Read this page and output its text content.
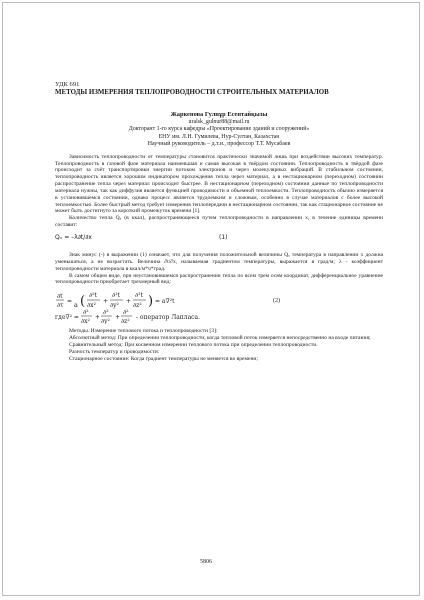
УДК 691

МЕТОДЫ ИЗМЕРЕНИЯ ТЕПЛОПРОВОДНОСТИ СТРОИТЕЛЬНЫХ МАТЕРИАЛОВ

Жаркенова Гулнұр Есентайқызы

uralsk_gulnur88@mail.ru

Докторант 1-го курса кафедры «Проектирование зданий и сооружений»

ЕНУ им. Л.Н. Гумилева, Нур-Султан, Казахстан

Научный руководитель – д.т.н., профессор Т.Т. Мусабаев

Зависимость теплопроводности от температуры становится практически значимой лишь при воздействии высоких температур. Теплопроводность в газовой фазе материала наименьшая и самая высокая в твёрдом состоянии. Теплопроводность в твёрдой фазе происходит за счёт транспортировки энергии потоком электронов и через молекулярных вибраций. В стабильном состоянии, теплопроводность является хорошим индикатором прохождения тепла через материал, а в нестационарном (переходном) состоянии распространение тепла через материал происходит быстрее. В нестационарном (переходном) состоянии данные по теплопроводности материала нужны, так как диффузия является функцией проводимости и объемной теплоемкости. Теплопроводность обычно измеряется в установившемся состоянии, однако процесс является трудоемким и сложным, особенно в случае материалов с более высокой теплоемкостью. Более быстрый метод требует измерения теплопередачи в нестационарном состоянии, так как стационарное состояние не может быть достигнуто за короткий промежуток времени [1].

Количество тепла Qₓ (в ккал), распространяющееся путем теплопроводности в направлении x, в течение единицы времени составит:

Qₓ = –λ∂t/∂x	(1)

Знак минус (-) в выражении (1) означает, что для получения положительной величины Qₓ температура в направлении x должна уменьшаться, а не возрастать. Величина ∂t/∂x, называемая градиентом температуры, выражается в град/м; λ - коэффициент теплопроводности материала в ккал/м*ч*град.

В самом общем виде, при неустановившемся распространении тепла по всем трем осям координат, дифференциальное уравнение теплопроводности приобретает трехмерный вид:

∂t
∂τ
= a ( ∂²t
∂x²
+
∂²t
∂y²
+
∂²t
∂z² ) = a∇²t
где∇² =
∂²
∂x²
+
∂²
∂y²
+
∂²
∂z²
- оператор Лапласа.
(2)

Методы. Измерение теплового потока и теплопроводности [3]:

Абсолютный метод: При определении теплопроводности, когда тепловой поток измеряется непосредственно на входе питания;

Сравнительный метод: При косвенном измерении теплового потока при определении теплопроводности.

Разность температур и проводимости:

Стационарное состояние: Когда градиент температуры не меняется во времени;

5806
